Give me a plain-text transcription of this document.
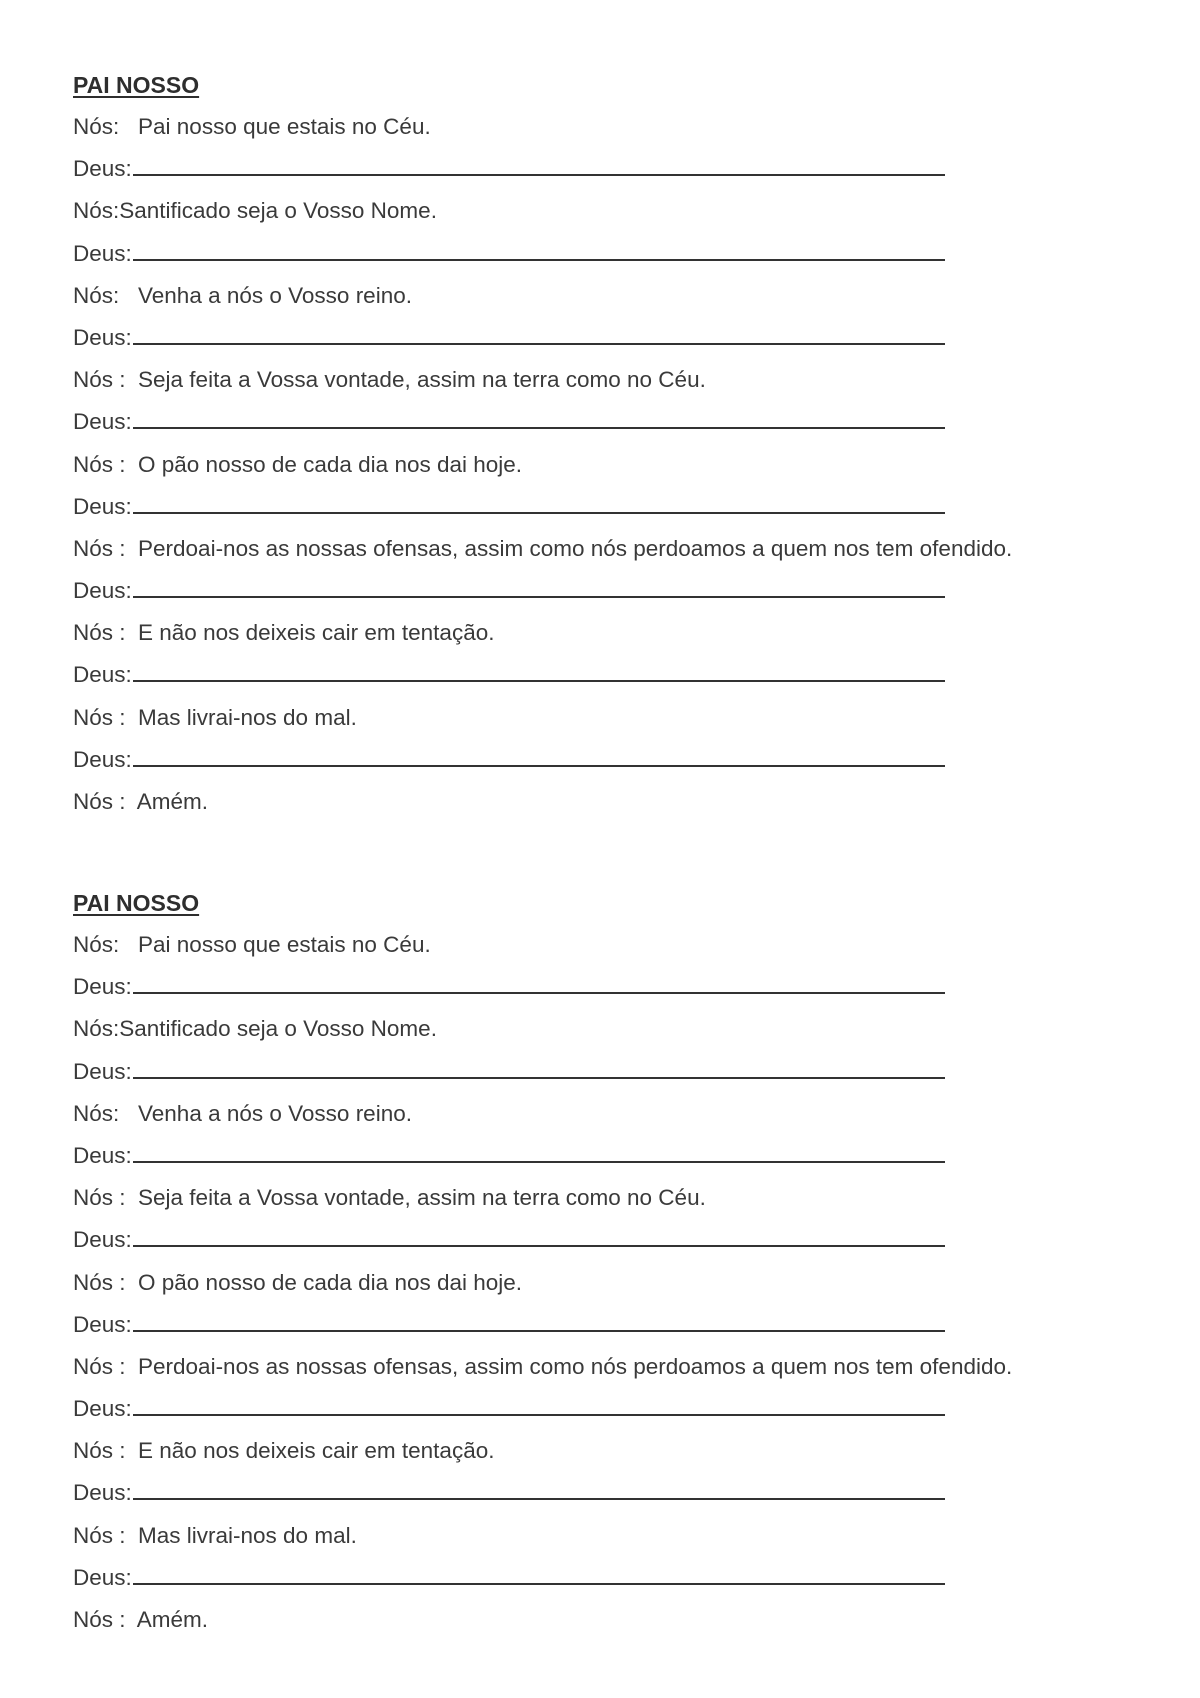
PAI NOSSO
Nós:   Pai nosso que estais no Céu.
Deus:
Nós:Santificado seja o Vosso Nome.
Deus:
Nós:   Venha a nós o Vosso reino.
Deus:
Nós :  Seja feita a Vossa vontade, assim na terra como no Céu.
Deus:
Nós :  O pão nosso de cada dia nos dai hoje.
Deus:
Nós :  Perdoai-nos as nossas ofensas, assim como nós perdoamos a quem nos tem ofendido.
Deus:
Nós :  E não nos deixeis cair em tentação.
Deus:
Nós :  Mas livrai-nos do mal.
Deus:
Nós :  Amém.
PAI NOSSO
Nós:   Pai nosso que estais no Céu.
Deus:
Nós:Santificado seja o Vosso Nome.
Deus:
Nós:   Venha a nós o Vosso reino.
Deus:
Nós :  Seja feita a Vossa vontade, assim na terra como no Céu.
Deus:
Nós :  O pão nosso de cada dia nos dai hoje.
Deus:
Nós :  Perdoai-nos as nossas ofensas, assim como nós perdoamos a quem nos tem ofendido.
Deus:
Nós :  E não nos deixeis cair em tentação.
Deus:
Nós :  Mas livrai-nos do mal.
Deus:
Nós :  Amém.
